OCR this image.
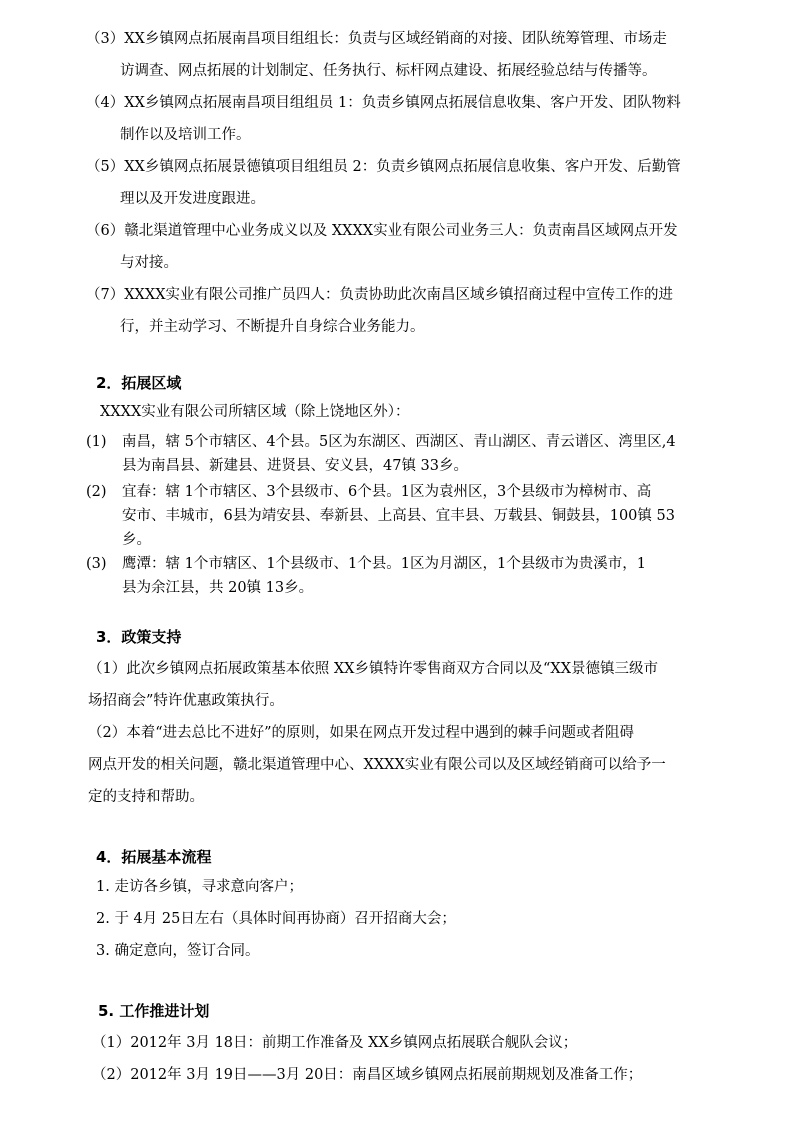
（3）XX乡镇网点拓展南昌项目组组长：负责与区域经销商的对接、团队统筹管理、市场走
访调查、网点拓展的计划制定、任务执行、标杆网点建设、拓展经验总结与传播等。
（4）XX乡镇网点拓展南昌项目组组员 1：负责乡镇网点拓展信息收集、客户开发、团队物料
制作以及培训工作。
（5）XX乡镇网点拓展景德镇项目组组员 2：负责乡镇网点拓展信息收集、客户开发、后勤管
理以及开发进度跟进。
（6）赣北渠道管理中心业务成义以及 XXXX实业有限公司业务三人：负责南昌区域网点开发
与对接。
（7）XXXX实业有限公司推广员四人：负责协助此次南昌区域乡镇招商过程中宣传工作的进
行，并主动学习、不断提升自身综合业务能力。
2．拓展区域
XXXX实业有限公司所辖区域（除上饶地区外）：
(1) 南昌，辖 5个市辖区、4个县。5区为东湖区、西湖区、青山湖区、青云谱区、湾里区,4
县为南昌县、新建县、进贤县、安义县，47镇 33乡。
(2) 宜春：辖 1个市辖区、3个县级市、6个县。1区为袁州区，3个县级市为樟树市、高
安市、丰城市，6县为靖安县、奉新县、上高县、宜丰县、万载县、铜鼓县，100镇 53
乡。
(3) 鹰潭：辖 1个市辖区、1个县级市、1个县。1区为月湖区，1个县级市为贵溪市，1
县为余江县，共 20镇 13乡。
3．政策支持
（1）此次乡镇网点拓展政策基本依照 XX乡镇特许零售商双方合同以及“XX景德镇三级市
场招商会”特许优惠政策执行。
（2）本着“进去总比不进好”的原则，如果在网点开发过程中遇到的棘手问题或者阻碍
网点开发的相关问题，赣北渠道管理中心、XXXX实业有限公司以及区域经销商可以给予一
定的支持和帮助。
4．拓展基本流程
1. 走访各乡镇，寻求意向客户；
2. 于 4月 25日左右（具体时间再协商）召开招商大会；
3. 确定意向，签订合同。
5. 工作推进计划
（1）2012年 3月 18日：前期工作准备及 XX乡镇网点拓展联合舰队会议；
（2）2012年 3月 19日——3月 20日：南昌区域乡镇网点拓展前期规划及准备工作；
